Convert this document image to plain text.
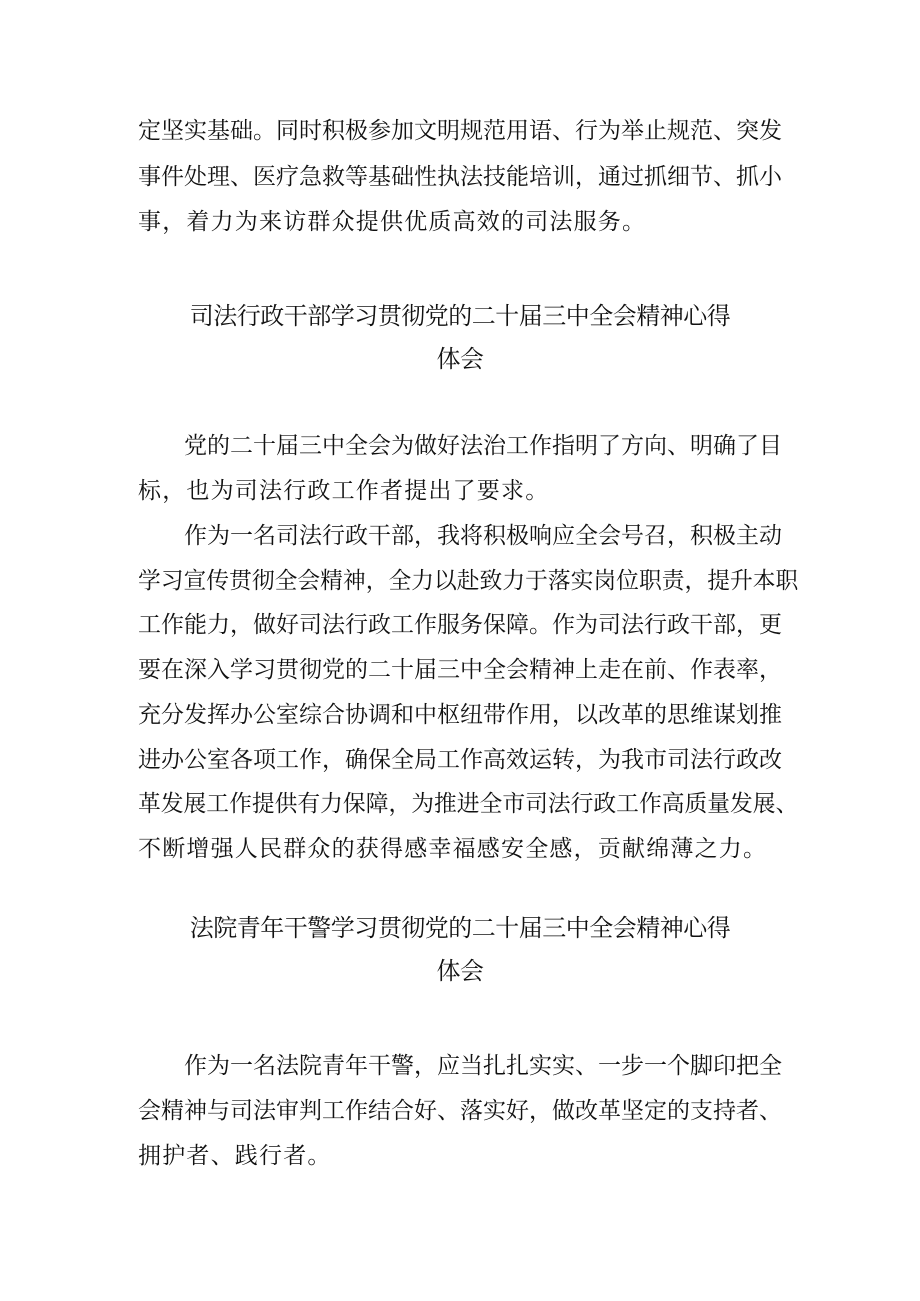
定坚实基础。同时积极参加文明规范用语、行为举止规范、突发
事件处理、医疗急救等基础性执法技能培训，通过抓细节、抓小
事，着力为来访群众提供优质高效的司法服务。
司法行政干部学习贯彻党的二十届三中全会精神心得
体会
党的二十届三中全会为做好法治工作指明了方向、明确了目
标，也为司法行政工作者提出了要求。
作为一名司法行政干部，我将积极响应全会号召，积极主动
学习宣传贯彻全会精神，全力以赴致力于落实岗位职责，提升本职
工作能力，做好司法行政工作服务保障。作为司法行政干部，更
要在深入学习贯彻党的二十届三中全会精神上走在前、作表率，
充分发挥办公室综合协调和中枢纽带作用，以改革的思维谋划推
进办公室各项工作，确保全局工作高效运转，为我市司法行政改
革发展工作提供有力保障，为推进全市司法行政工作高质量发展、
不断增强人民群众的获得感幸福感安全感，贡献绵薄之力。
法院青年干警学习贯彻党的二十届三中全会精神心得
体会
作为一名法院青年干警，应当扎扎实实、一步一个脚印把全
会精神与司法审判工作结合好、落实好，做改革坚定的支持者、
拥护者、践行者。
